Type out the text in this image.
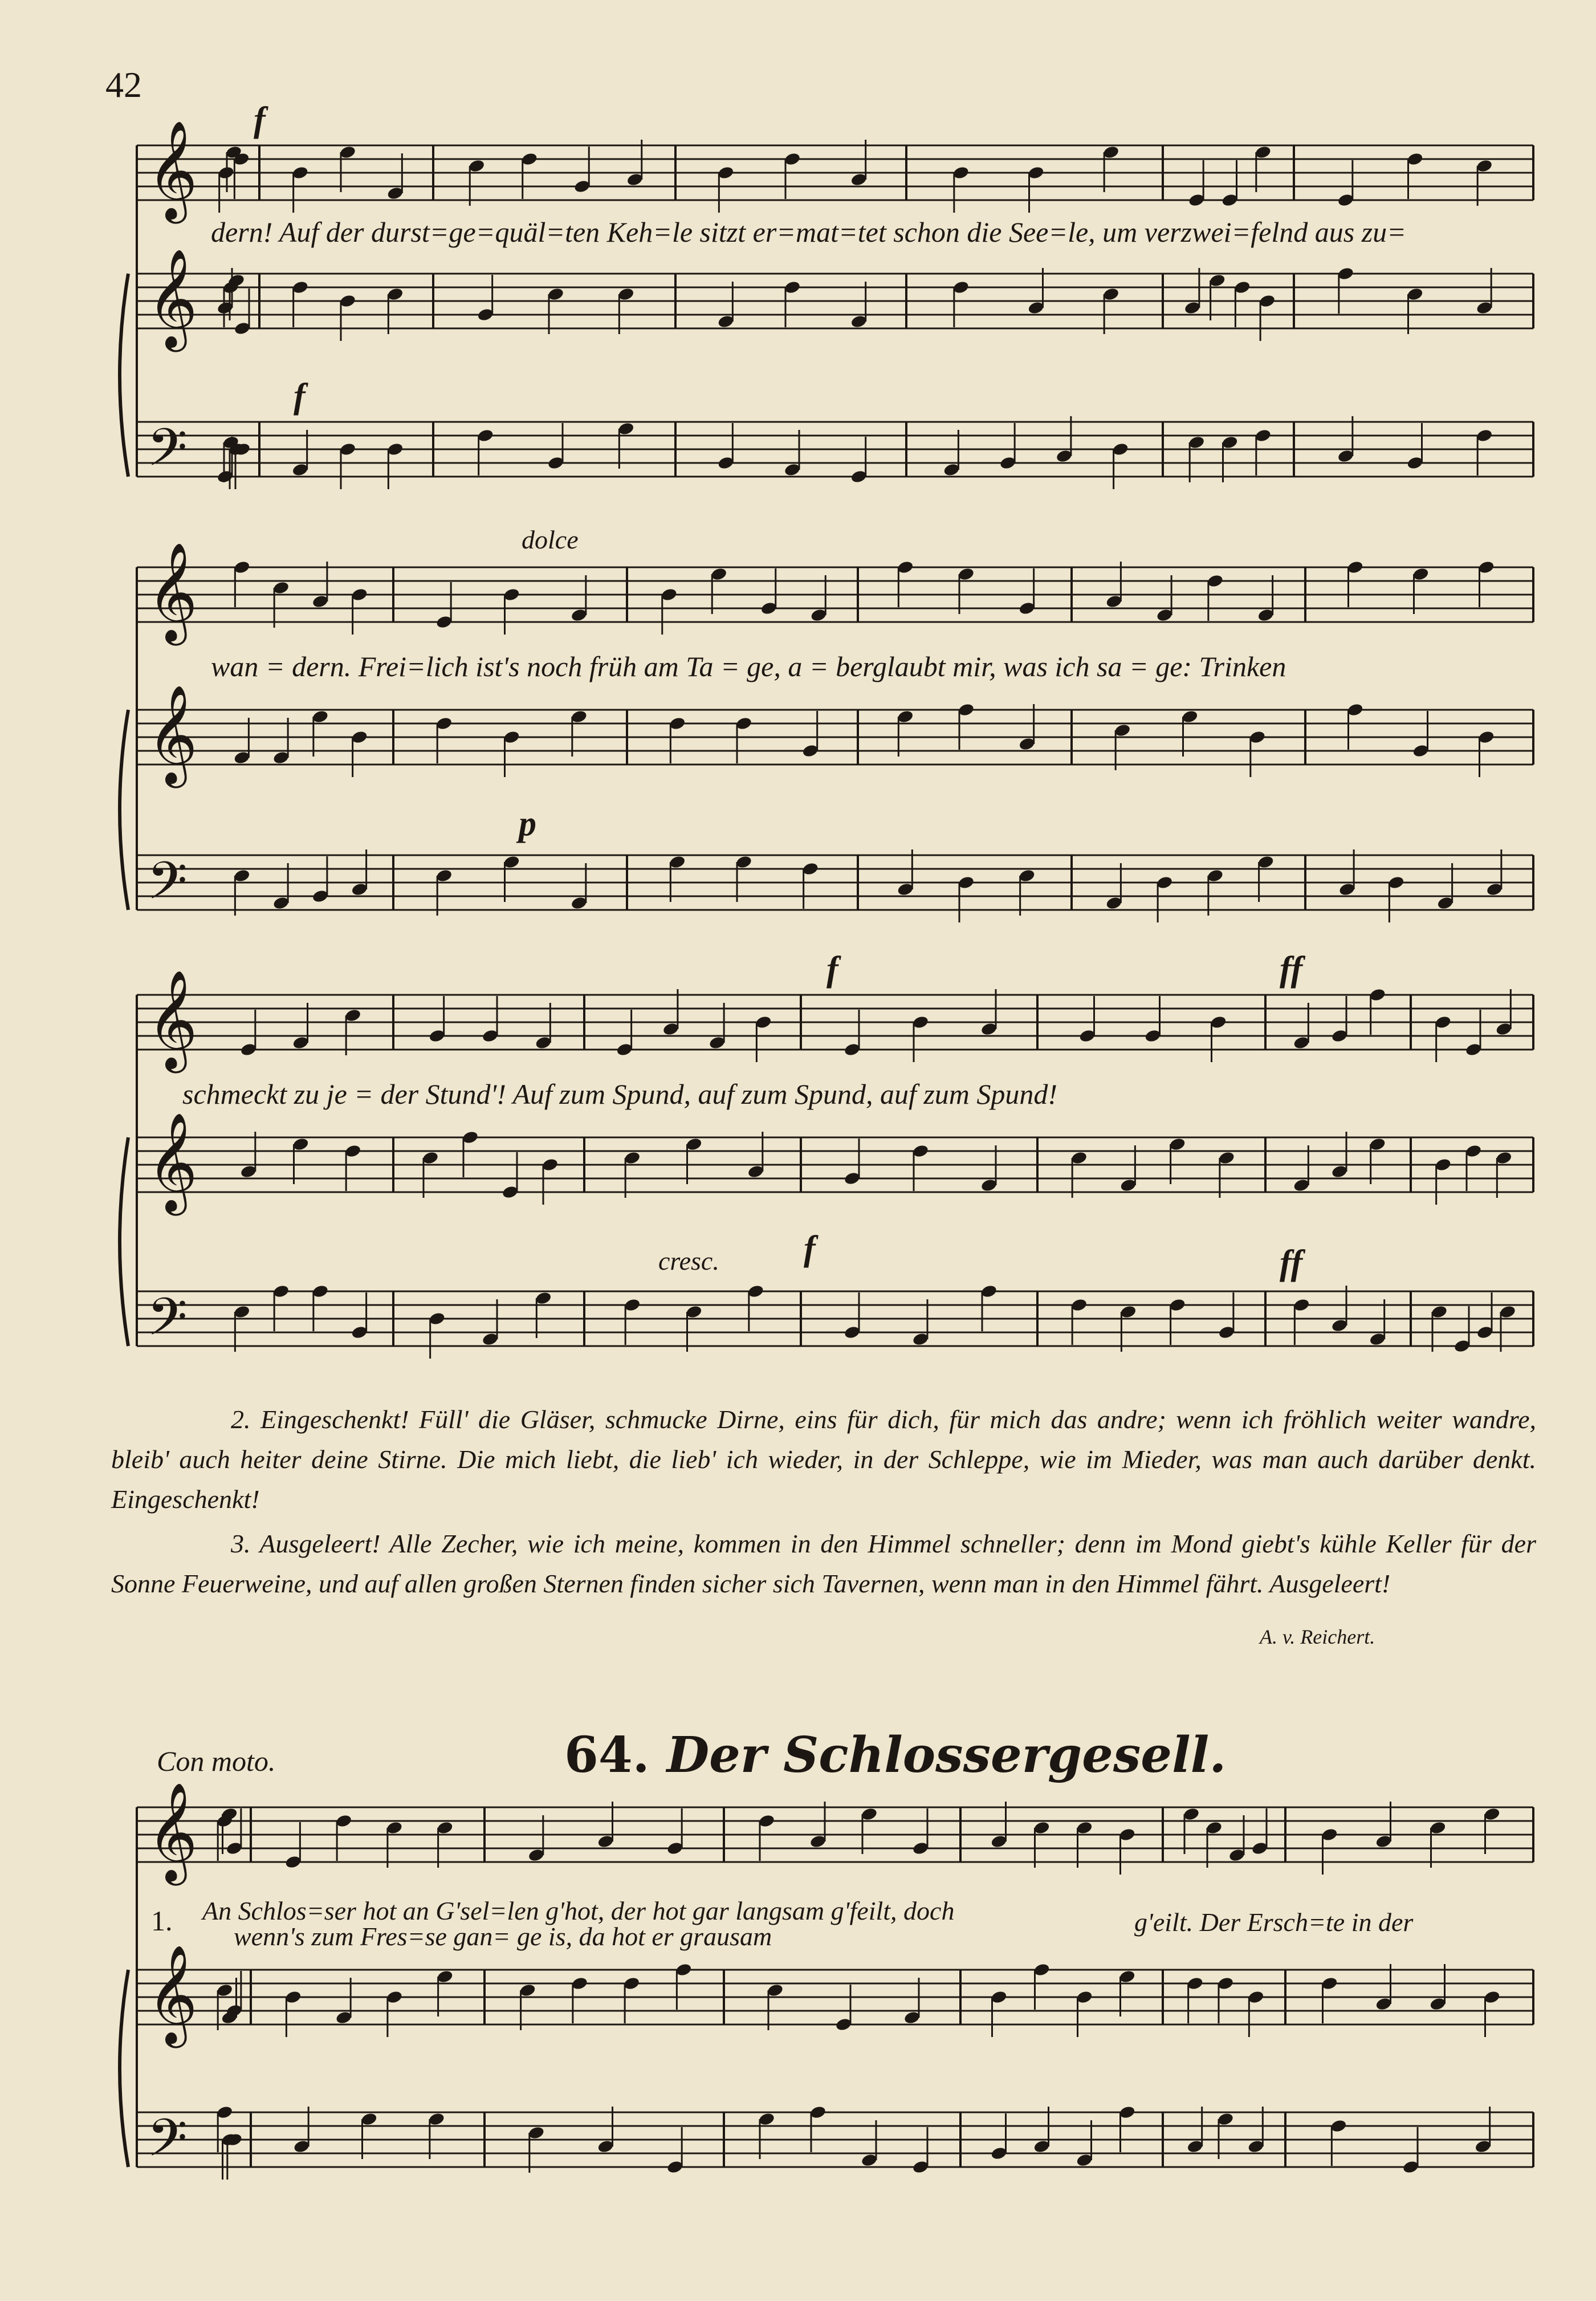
42
𝄞
𝄞
𝄢
𝄞
𝄞
𝄢
𝄞
𝄞
𝄢
𝄞
𝄞
𝄢
f
dern! Auf der durst=ge=quäl=ten Keh=le sitzt er=mat=tet schon die See=le, um verzwei=felnd aus zu=
f
dolce
wan = dern. Frei=lich ist's noch früh am Ta = ge, a = berglaubt mir, was ich sa = ge: Trinken
p
f	ff
schmeckt zu je = der Stund'! Auf zum Spund, auf zum Spund, auf zum Spund!
cresc. f	ff

2. Eingeschenkt! Füll' die Gläser, schmucke Dirne, eins für dich, für mich das andre; wenn ich fröhlich weiter wandre, bleib' auch heiter deine Stirne. Die mich liebt, die lieb' ich wieder, in der Schleppe, wie im Mieder, was man auch darüber denkt. Eingeschenkt!

3. Ausgeleert! Alle Zecher, wie ich meine, kommen in den Himmel schneller; denn im Mond giebt's kühle Keller für der Sonne Feuerweine, und auf allen großen Sternen finden sicher sich Tavernen, wenn man in den Himmel fährt. Ausgeleert!

A. v. Reichert.
Con moto.	64. Der Schlossergesell.
1. An Schlos=ser hot an G'sel=len g'hot, der hot gar langsam g'feilt, doch
wenn's zum Fres=se gan= ge is, da hot er grausam	g'eilt. Der Ersch=te in der
